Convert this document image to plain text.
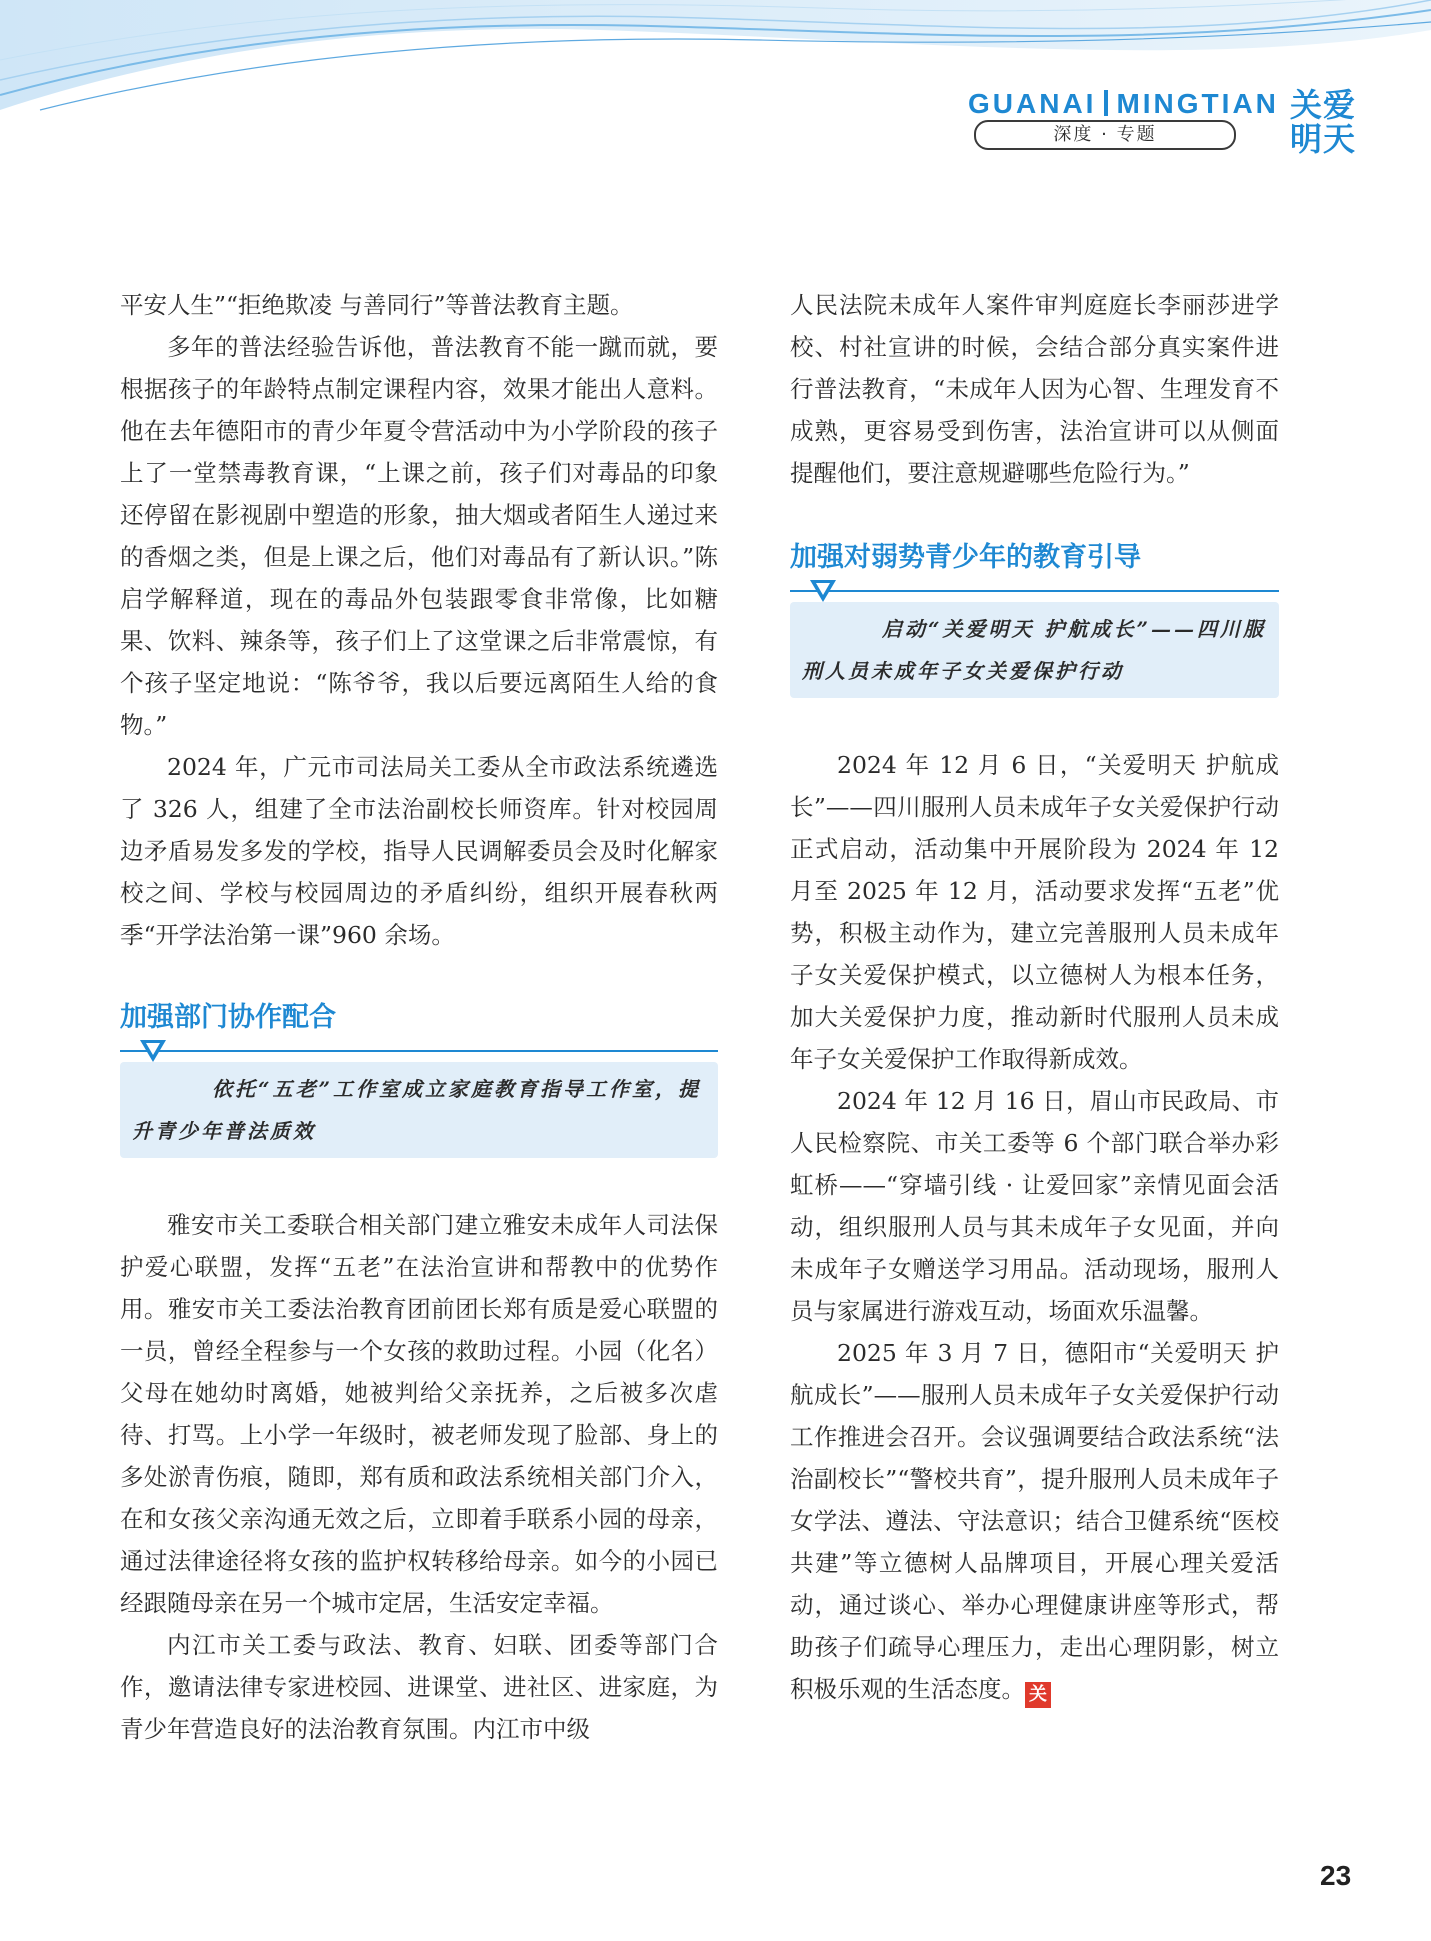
GUANAI MINGTIAN
深度 · 专题
关爱
明天

平安人生”“拒绝欺凌 与善同行”等普法教育主题。

多年的普法经验告诉他，普法教育不能一蹴而就，要根据孩子的年龄特点制定课程内容，效果才能出人意料。他在去年德阳市的青少年夏令营活动中为小学阶段的孩子上了一堂禁毒教育课，“上课之前，孩子们对毒品的印象还停留在影视剧中塑造的形象，抽大烟或者陌生人递过来的香烟之类，但是上课之后，他们对毒品有了新认识。”陈启学解释道，现在的毒品外包装跟零食非常像，比如糖果、饮料、辣条等，孩子们上了这堂课之后非常震惊，有个孩子坚定地说：“陈爷爷，我以后要远离陌生人给的食物。”

2024 年，广元市司法局关工委从全市政法系统遴选了 326 人，组建了全市法治副校长师资库。针对校园周边矛盾易发多发的学校，指导人民调解委员会及时化解家校之间、学校与校园周边的矛盾纠纷，组织开展春秋两季“开学法治第一课”960 余场。

加强部门协作配合
依托“五老”工作室成立家庭教育指导工作室，提升青少年普法质效

雅安市关工委联合相关部门建立雅安未成年人司法保护爱心联盟，发挥“五老”在法治宣讲和帮教中的优势作用。雅安市关工委法治教育团前团长郑有质是爱心联盟的一员，曾经全程参与一个女孩的救助过程。小园（化名）父母在她幼时离婚，她被判给父亲抚养，之后被多次虐待、打骂。上小学一年级时，被老师发现了脸部、身上的多处淤青伤痕，随即，郑有质和政法系统相关部门介入，在和女孩父亲沟通无效之后，立即着手联系小园的母亲，通过法律途径将女孩的监护权转移给母亲。如今的小园已经跟随母亲在另一个城市定居，生活安定幸福。

内江市关工委与政法、教育、妇联、团委等部门合作，邀请法律专家进校园、进课堂、进社区、进家庭，为青少年营造良好的法治教育氛围。内江市中级

人民法院未成年人案件审判庭庭长李丽莎进学校、村社宣讲的时候，会结合部分真实案件进行普法教育，“未成年人因为心智、生理发育不成熟，更容易受到伤害，法治宣讲可以从侧面提醒他们，要注意规避哪些危险行为。”

加强对弱势青少年的教育引导
启动“关爱明天 护航成长”——四川服刑人员未成年子女关爱保护行动

2024 年 12 月 6 日，“关爱明天 护航成长”——四川服刑人员未成年子女关爱保护行动正式启动，活动集中开展阶段为 2024 年 12 月至 2025 年 12 月，活动要求发挥“五老”优势，积极主动作为，建立完善服刑人员未成年子女关爱保护模式，以立德树人为根本任务，加大关爱保护力度，推动新时代服刑人员未成年子女关爱保护工作取得新成效。

2024 年 12 月 16 日，眉山市民政局、市人民检察院、市关工委等 6 个部门联合举办彩虹桥——“穿墙引线 · 让爱回家”亲情见面会活动，组织服刑人员与其未成年子女见面，并向未成年子女赠送学习用品。活动现场，服刑人员与家属进行游戏互动，场面欢乐温馨。

2025 年 3 月 7 日，德阳市“关爱明天 护航成长”——服刑人员未成年子女关爱保护行动工作推进会召开。会议强调要结合政法系统“法治副校长”“警校共育”，提升服刑人员未成年子女学法、遵法、守法意识；结合卫健系统“医校共建”等立德树人品牌项目，开展心理关爱活动，通过谈心、举办心理健康讲座等形式，帮助孩子们疏导心理压力，走出心理阴影，树立积极乐观的生活态度。 关

23
